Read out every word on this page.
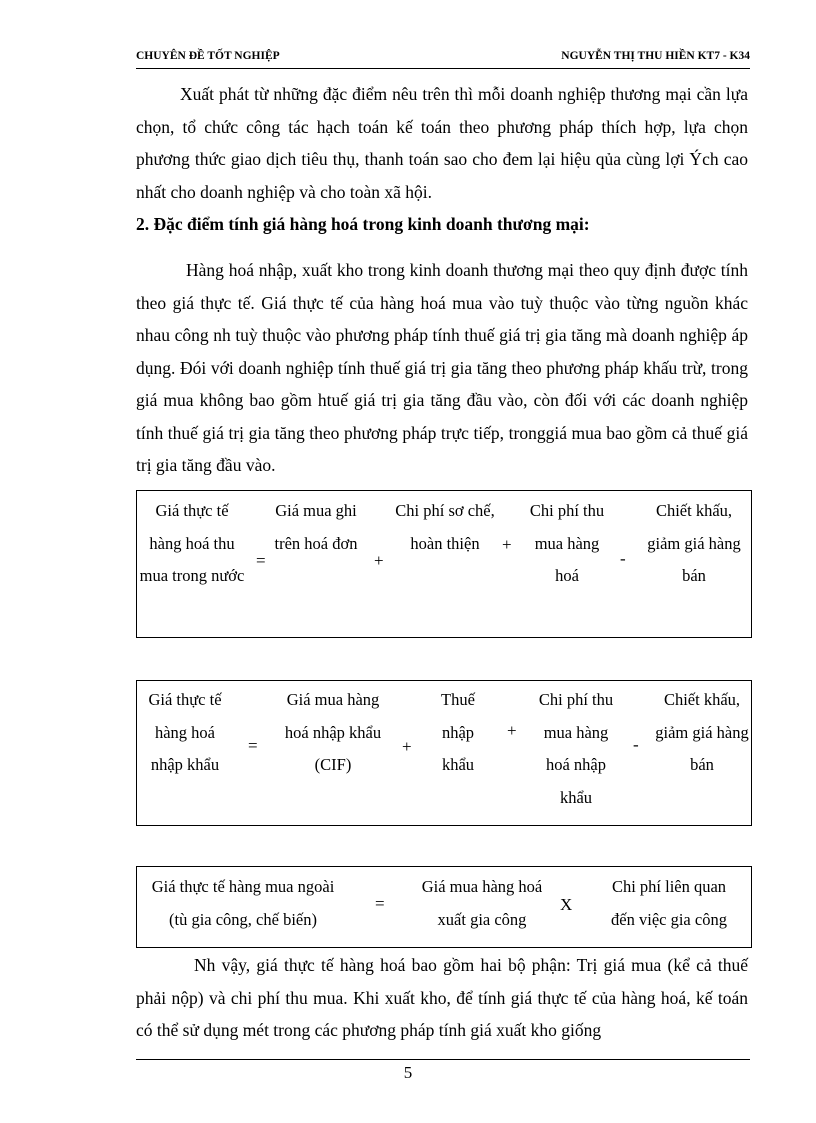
CHUYÊN ĐỀ TỐT NGHIỆP	NGUYỄN THỊ THU HIỀN KT7 - K34

Xuất phát từ những đặc điểm nêu trên thì mỗi doanh nghiệp thương mại cần lựa chọn, tổ chức công tác hạch toán kế toán theo phương pháp thích hợp, lựa chọn phương thức giao dịch tiêu thụ, thanh toán sao cho đem lại hiệu qủa cùng lợi Ých cao nhất cho doanh nghiệp và cho toàn xã hội.

2. Đặc điểm tính giá hàng hoá trong kinh doanh thương mại:

Hàng hoá nhập, xuất kho trong kinh doanh thương mại theo quy định được tính theo giá thực tế. Giá thực tế của hàng hoá mua vào tuỳ thuộc vào từng nguồn khác nhau công nh tuỳ thuộc vào phương pháp tính thuế giá trị gia tăng mà doanh nghiệp áp dụng. Đói với doanh nghiệp tính thuế giá trị gia tăng theo phương pháp khấu trừ, trong giá mua không bao gồm htuế giá trị gia tăng đầu vào, còn đối với các doanh nghiệp tính thuế giá trị gia tăng theo phương pháp trực tiếp, tronggiá mua bao gồm cả thuế giá trị gia tăng đầu vào.

Giá thực tế hàng hoá thu mua trong nước
=
Giá mua ghi trên hoá đơn
+
Chi phí sơ chế, hoàn thiện	+
Chi phí thu mua hàng hoá
-
Chiết khấu, giảm giá hàng bán
Giá thực tế hàng hoá nhập khẩu
=
Giá mua hàng hoá nhập khẩu (CIF)
+
Thuế nhập khẩu
+
Chi phí thu mua hàng hoá nhập khẩu
-
Chiết khấu, giảm giá hàng bán
Giá thực tế hàng mua ngoài
(tù gia công, chế biến)
=
Giá mua hàng hoá
xuất gia công
X
Chi phí liên quan
đến việc gia công

Nh vậy, giá thực tế hàng hoá bao gồm hai bộ phận: Trị giá mua (kể cả thuế phải nộp) và chi phí thu mua. Khi xuất kho, để tính giá thực tế của hàng hoá, kế toán có thể sử dụng mét trong các phương pháp tính giá xuất kho giống

5
